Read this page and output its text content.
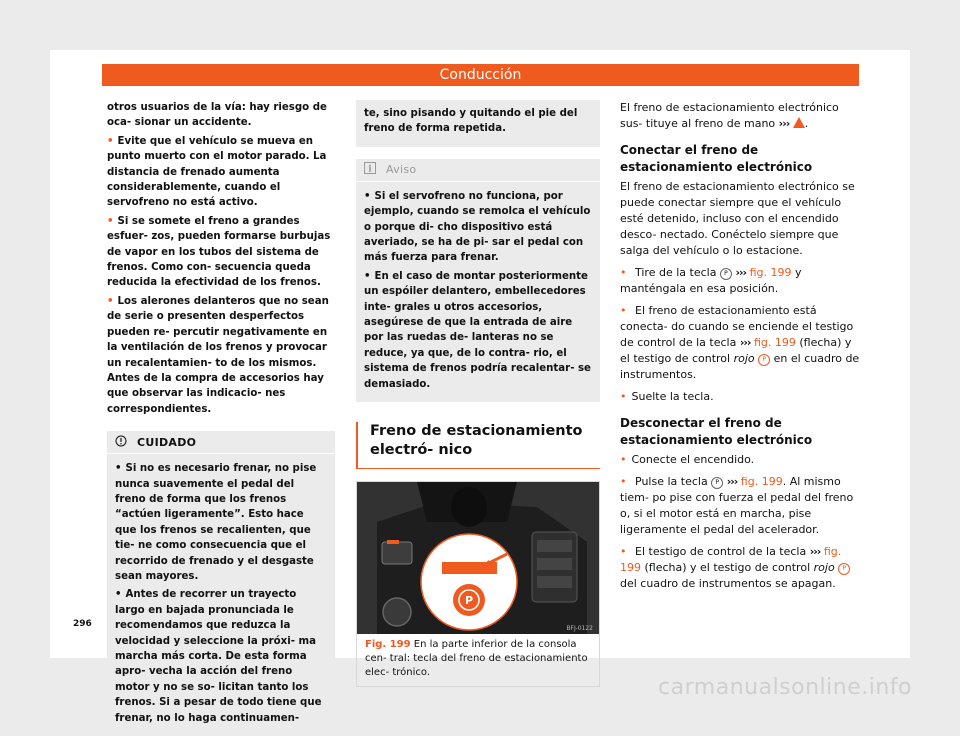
Conducción

otros usuarios de la vía: hay riesgo de oca- sionar un accidente.

• Evite que el vehículo se mueva en punto muerto con el motor parado. La distancia de frenado aumenta considerablemente, cuando el servofreno no está activo.

• Si se somete el freno a grandes esfuer- zos, pueden formarse burbujas de vapor en los tubos del sistema de frenos. Como con- secuencia queda reducida la efectividad de los frenos.

• Los alerones delanteros que no sean de serie o presenten desperfectos pueden re- percutir negativamente en la ventilación de los frenos y provocar un recalentamien- to de los mismos. Antes de la compra de accesorios hay que observar las indicacio- nes correspondientes.

CUIDADO

• Si no es necesario frenar, no pise nunca suavemente el pedal del freno de forma que los frenos “actúen ligeramente”. Esto hace que los frenos se recalienten, que tie- ne como consecuencia que el recorrido de frenado y el desgaste sean mayores.

• Antes de recorrer un trayecto largo en bajada pronunciada le recomendamos que reduzca la velocidad y seleccione la próxi- ma marcha más corta. De esta forma apro- vecha la acción del freno motor y no se so- licitan tanto los frenos. Si a pesar de todo tiene que frenar, no lo haga continuamen-

te, sino pisando y quitando el pie del freno de forma repetida.

i Aviso

• Si el servofreno no funciona, por ejemplo, cuando se remolca el vehículo o porque di- cho dispositivo está averiado, se ha de pi- sar el pedal con más fuerza para frenar.

• En el caso de montar posteriormente un espóiler delantero, embellecedores inte- grales u otros accesorios, asegúrese de que la entrada de aire por las ruedas de- lanteras no se reduce, ya que, de lo contra- rio, el sistema de frenos podría recalentar- se demasiado.

Freno de estacionamiento electró- nico

P
BFJ-0122
Fig. 199 En la parte inferior de la consola cen- tral: tecla del freno de estacionamiento elec- trónico.

El freno de estacionamiento electrónico sus- tituye al freno de mano ››› .

Conectar el freno de estacionamiento electrónico

El freno de estacionamiento electrónico se puede conectar siempre que el vehículo esté detenido, incluso con el encendido desco- nectado. Conéctelo siempre que salga del vehículo o lo estacione.

• Tire de la tecla P ››› fig. 199 y manténgala en esa posición.

• El freno de estacionamiento está conecta- do cuando se enciende el testigo de control de la tecla ››› fig. 199 (flecha) y el testigo de control rojo P en el cuadro de instrumentos.

• Suelte la tecla.

Desconectar el freno de estacionamiento electrónico

• Conecte el encendido.

• Pulse la tecla P ››› fig. 199. Al mismo tiem- po pise con fuerza el pedal del freno o, si el motor está en marcha, pise ligeramente el pedal del acelerador.

• El testigo de control de la tecla ››› fig. 199 (flecha) y el testigo de control rojo P del cuadro de instrumentos se apagan.

296
carmanualsonline.info
